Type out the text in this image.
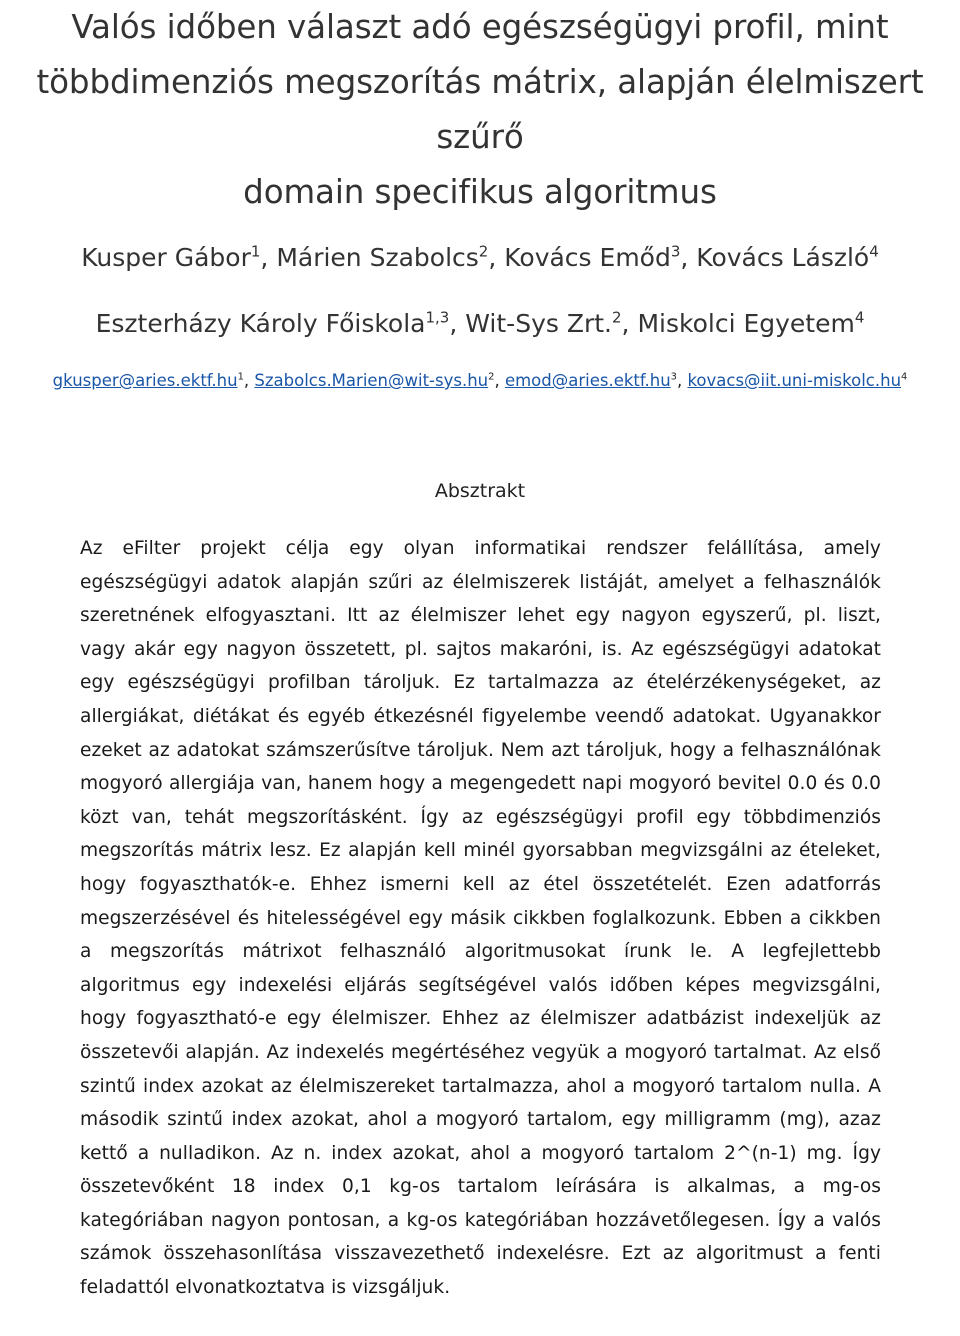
Valós időben választ adó egészségügyi profil, mint
többdimenziós megszorítás mátrix, alapján élelmiszert szűrő
domain specifikus algoritmus
Kusper Gábor$^1$, Márien Szabolcs$^2$, Kovács Emőd$^3$, Kovács László$^4$
Eszterházy Károly Főiskola$^{1,3}$, Wit-Sys Zrt.$^2$, Miskolci Egyetem$^4$
$gkusper@aries.ektf.hu^1$, $Szabolcs.Marien@wit-sys.hu^2$, $emod@aries.ektf.hu^3$, $kovacs@iit.uni-miskolc.hu^4$
Absztrakt
Az eFilter projekt célja egy olyan informatikai rendszer felállítása, amely egészségügyi adatok alapján szűri az élelmiszerek listáját, amelyet a felhasználók szeretnének elfogyasztani. Itt az élelmiszer lehet egy nagyon egyszerű, pl. liszt, vagy akár egy nagyon összetett, pl. sajtos makaróni, is. Az egészségügyi adatokat egy egészségügyi profilban tároljuk. Ez tartalmazza az ételérzékenységeket, az allergiákat, diétákat és egyéb étkezésnél figyelembe veendő adatokat. Ugyanakkor ezeket az adatokat számszerűsítve tároljuk. Nem azt tároljuk, hogy a felhasználónak mogyoró allergiája van, hanem hogy a megengedett napi mogyoró bevitel 0.0 és 0.0 közt van, tehát megszorításként. Így az egészségügyi profil egy többdimenziós megszorítás mátrix lesz. Ez alapján kell minél gyorsabban megvizsgálni az ételeket, hogy fogyaszthatók-e. Ehhez ismerni kell az étel összetételét. Ezen adatforrás megszerzésével és hitelességével egy másik cikkben foglalkozunk. Ebben a cikkben a megszorítás mátrixot felhasználó algoritmusokat írunk le. A legfejlettebb algoritmus egy indexelési eljárás segítségével valós időben képes megvizsgálni, hogy fogyasztható-e egy élelmiszer. Ehhez az élelmiszer adatbázist indexeljük az összetevői alapján. Az indexelés megértéséhez vegyük a mogyoró tartalmat. Az első szintű index azokat az élelmiszereket tartalmazza, ahol a mogyoró tartalom nulla. A második szintű index azokat, ahol a mogyoró tartalom, egy milligramm (mg), azaz kettő a nulladikon. Az n. index azokat, ahol a mogyoró tartalom 2^(n-1) mg. Így összetevőként 18 index 0,1 kg-os tartalom leírására is alkalmas, a mg-os kategóriában nagyon pontosan, a kg-os kategóriában hozzávetőlegesen. Így a valós számok összehasonlítása visszavezethető indexelésre. Ezt az algoritmust a fenti feladattól elvonatkoztatva is vizsgáljuk.
